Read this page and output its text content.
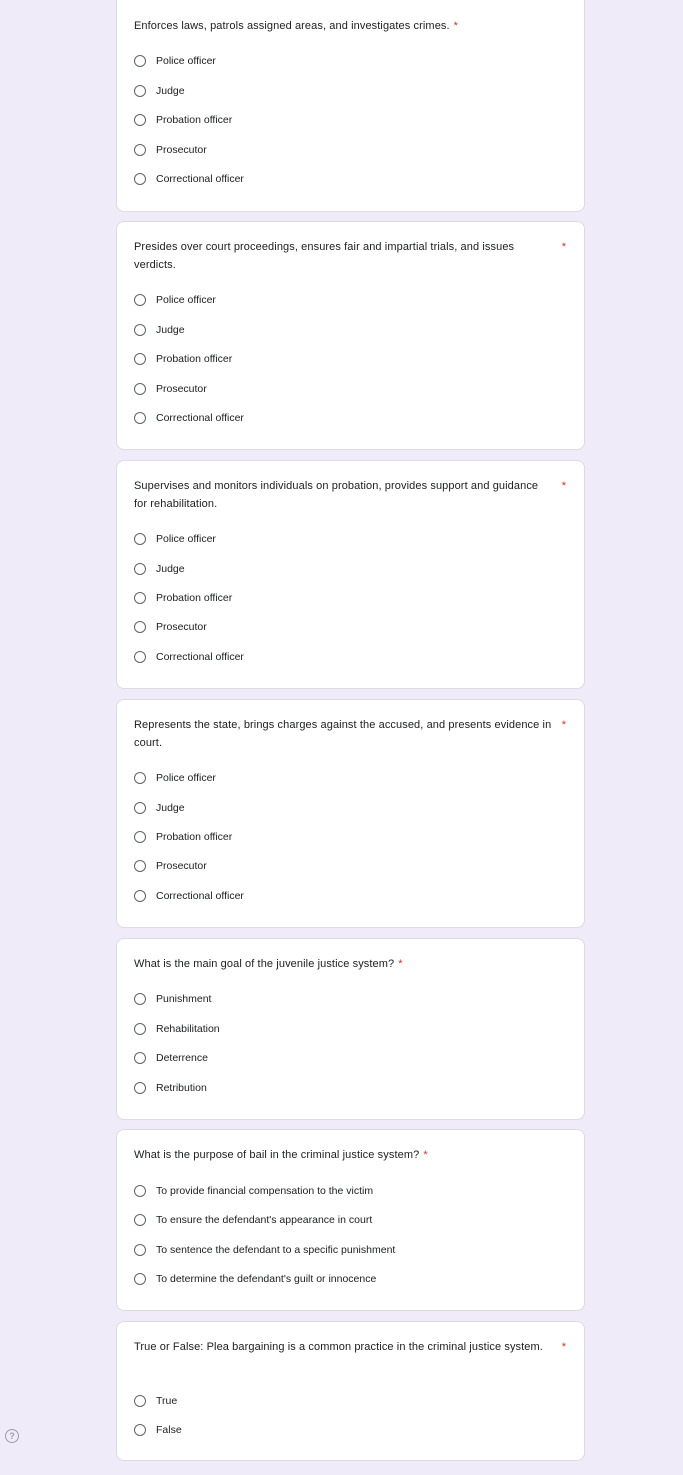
Enforces laws, patrols assigned areas, and investigates crimes. *
Police officer
Judge
Probation officer
Prosecutor
Correctional officer
Presides over court proceedings, ensures fair and impartial trials, and issues verdicts.
*
Police officer
Judge
Probation officer
Prosecutor
Correctional officer
Supervises and monitors individuals on probation, provides support and guidance for rehabilitation.
*
Police officer
Judge
Probation officer
Prosecutor
Correctional officer
Represents the state, brings charges against the accused, and presents evidence in court.
*
Police officer
Judge
Probation officer
Prosecutor
Correctional officer
What is the main goal of the juvenile justice system? *
Punishment
Rehabilitation
Deterrence
Retribution
What is the purpose of bail in the criminal justice system? *
To provide financial compensation to the victim
To ensure the defendant's appearance in court
To sentence the defendant to a specific punishment
To determine the defendant's guilt or innocence
True or False: Plea bargaining is a common practice in the criminal justice system.	*
True
False
?
